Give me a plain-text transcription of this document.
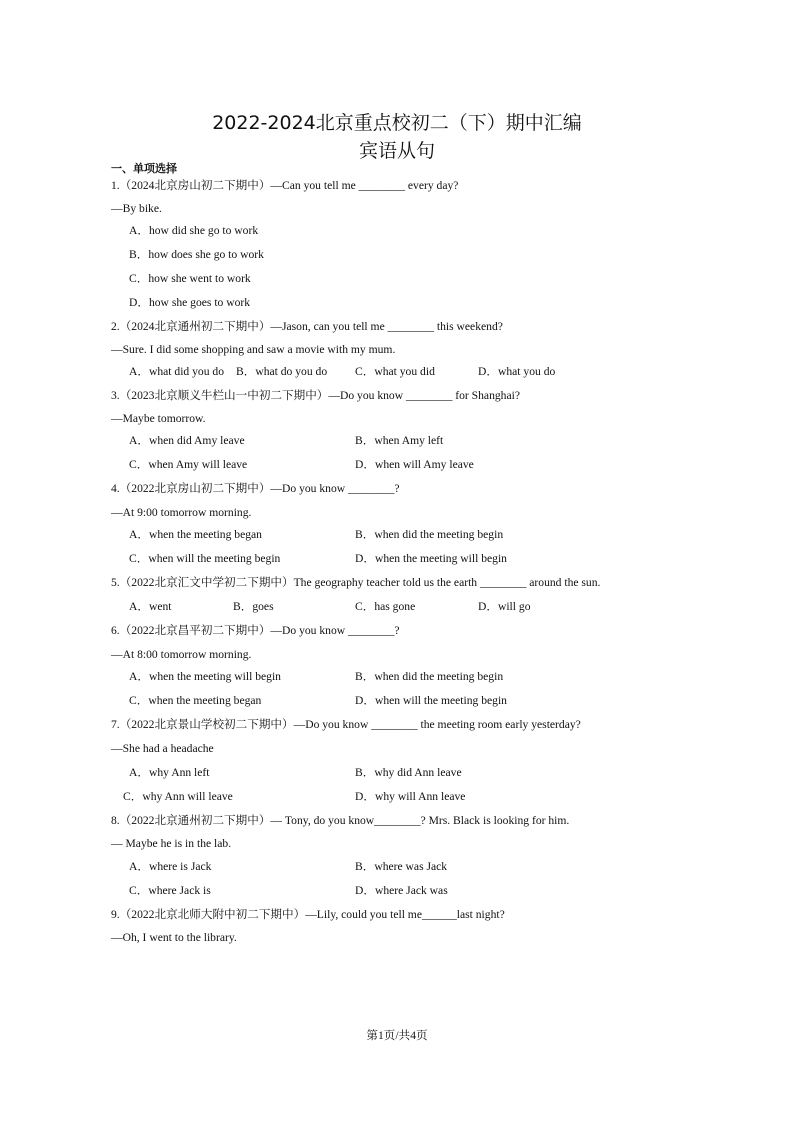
2022-2024北京重点校初二（下）期中汇编
宾语从句
一、单项选择
1.（2024北京房山初二下期中）—Can you tell me ________ every day?
—By bike.
A．how did she go to work
B．how does she go to work
C．how she went to work
D．how she goes to work
2.（2024北京通州初二下期中）—Jason, can you tell me ________ this weekend?
—Sure. I did some shopping and saw a movie with my mum.
A．what did you do B．what do you do C．what you did	D．what you do
3.（2023北京顺义牛栏山一中初二下期中）—Do you know ________ for Shanghai?
—Maybe tomorrow.
A．when did Amy leave	B．when Amy left
C．when Amy will leave	D．when will Amy leave
4.（2022北京房山初二下期中）—Do you know ________?
—At 9:00 tomorrow morning.
A．when the meeting began	B．when did the meeting begin
C．when will the meeting begin	D．when the meeting will begin
5.（2022北京汇文中学初二下期中）The geography teacher told us the earth ________ around the sun.
A．went	B．goes	C．has gone	D．will go
6.（2022北京昌平初二下期中）—Do you know ________?
—At 8:00 tomorrow morning.
A．when the meeting will begin	B．when did the meeting begin
C．when the meeting began	D．when will the meeting begin
7.（2022北京景山学校初二下期中）—Do you know ________ the meeting room early yesterday?
—She had a headache
A．why Ann left	B．why did Ann leave
C．why Ann will leave	D．why will Ann leave
8.（2022北京通州初二下期中）— Tony, do you know________? Mrs. Black is looking for him.
— Maybe he is in the lab.
A．where is Jack	B．where was Jack
C．where Jack is	D．where Jack was
9.（2022北京北师大附中初二下期中）—Lily, could you tell me______last night?
—Oh, I went to the library.
第1页/共4页
